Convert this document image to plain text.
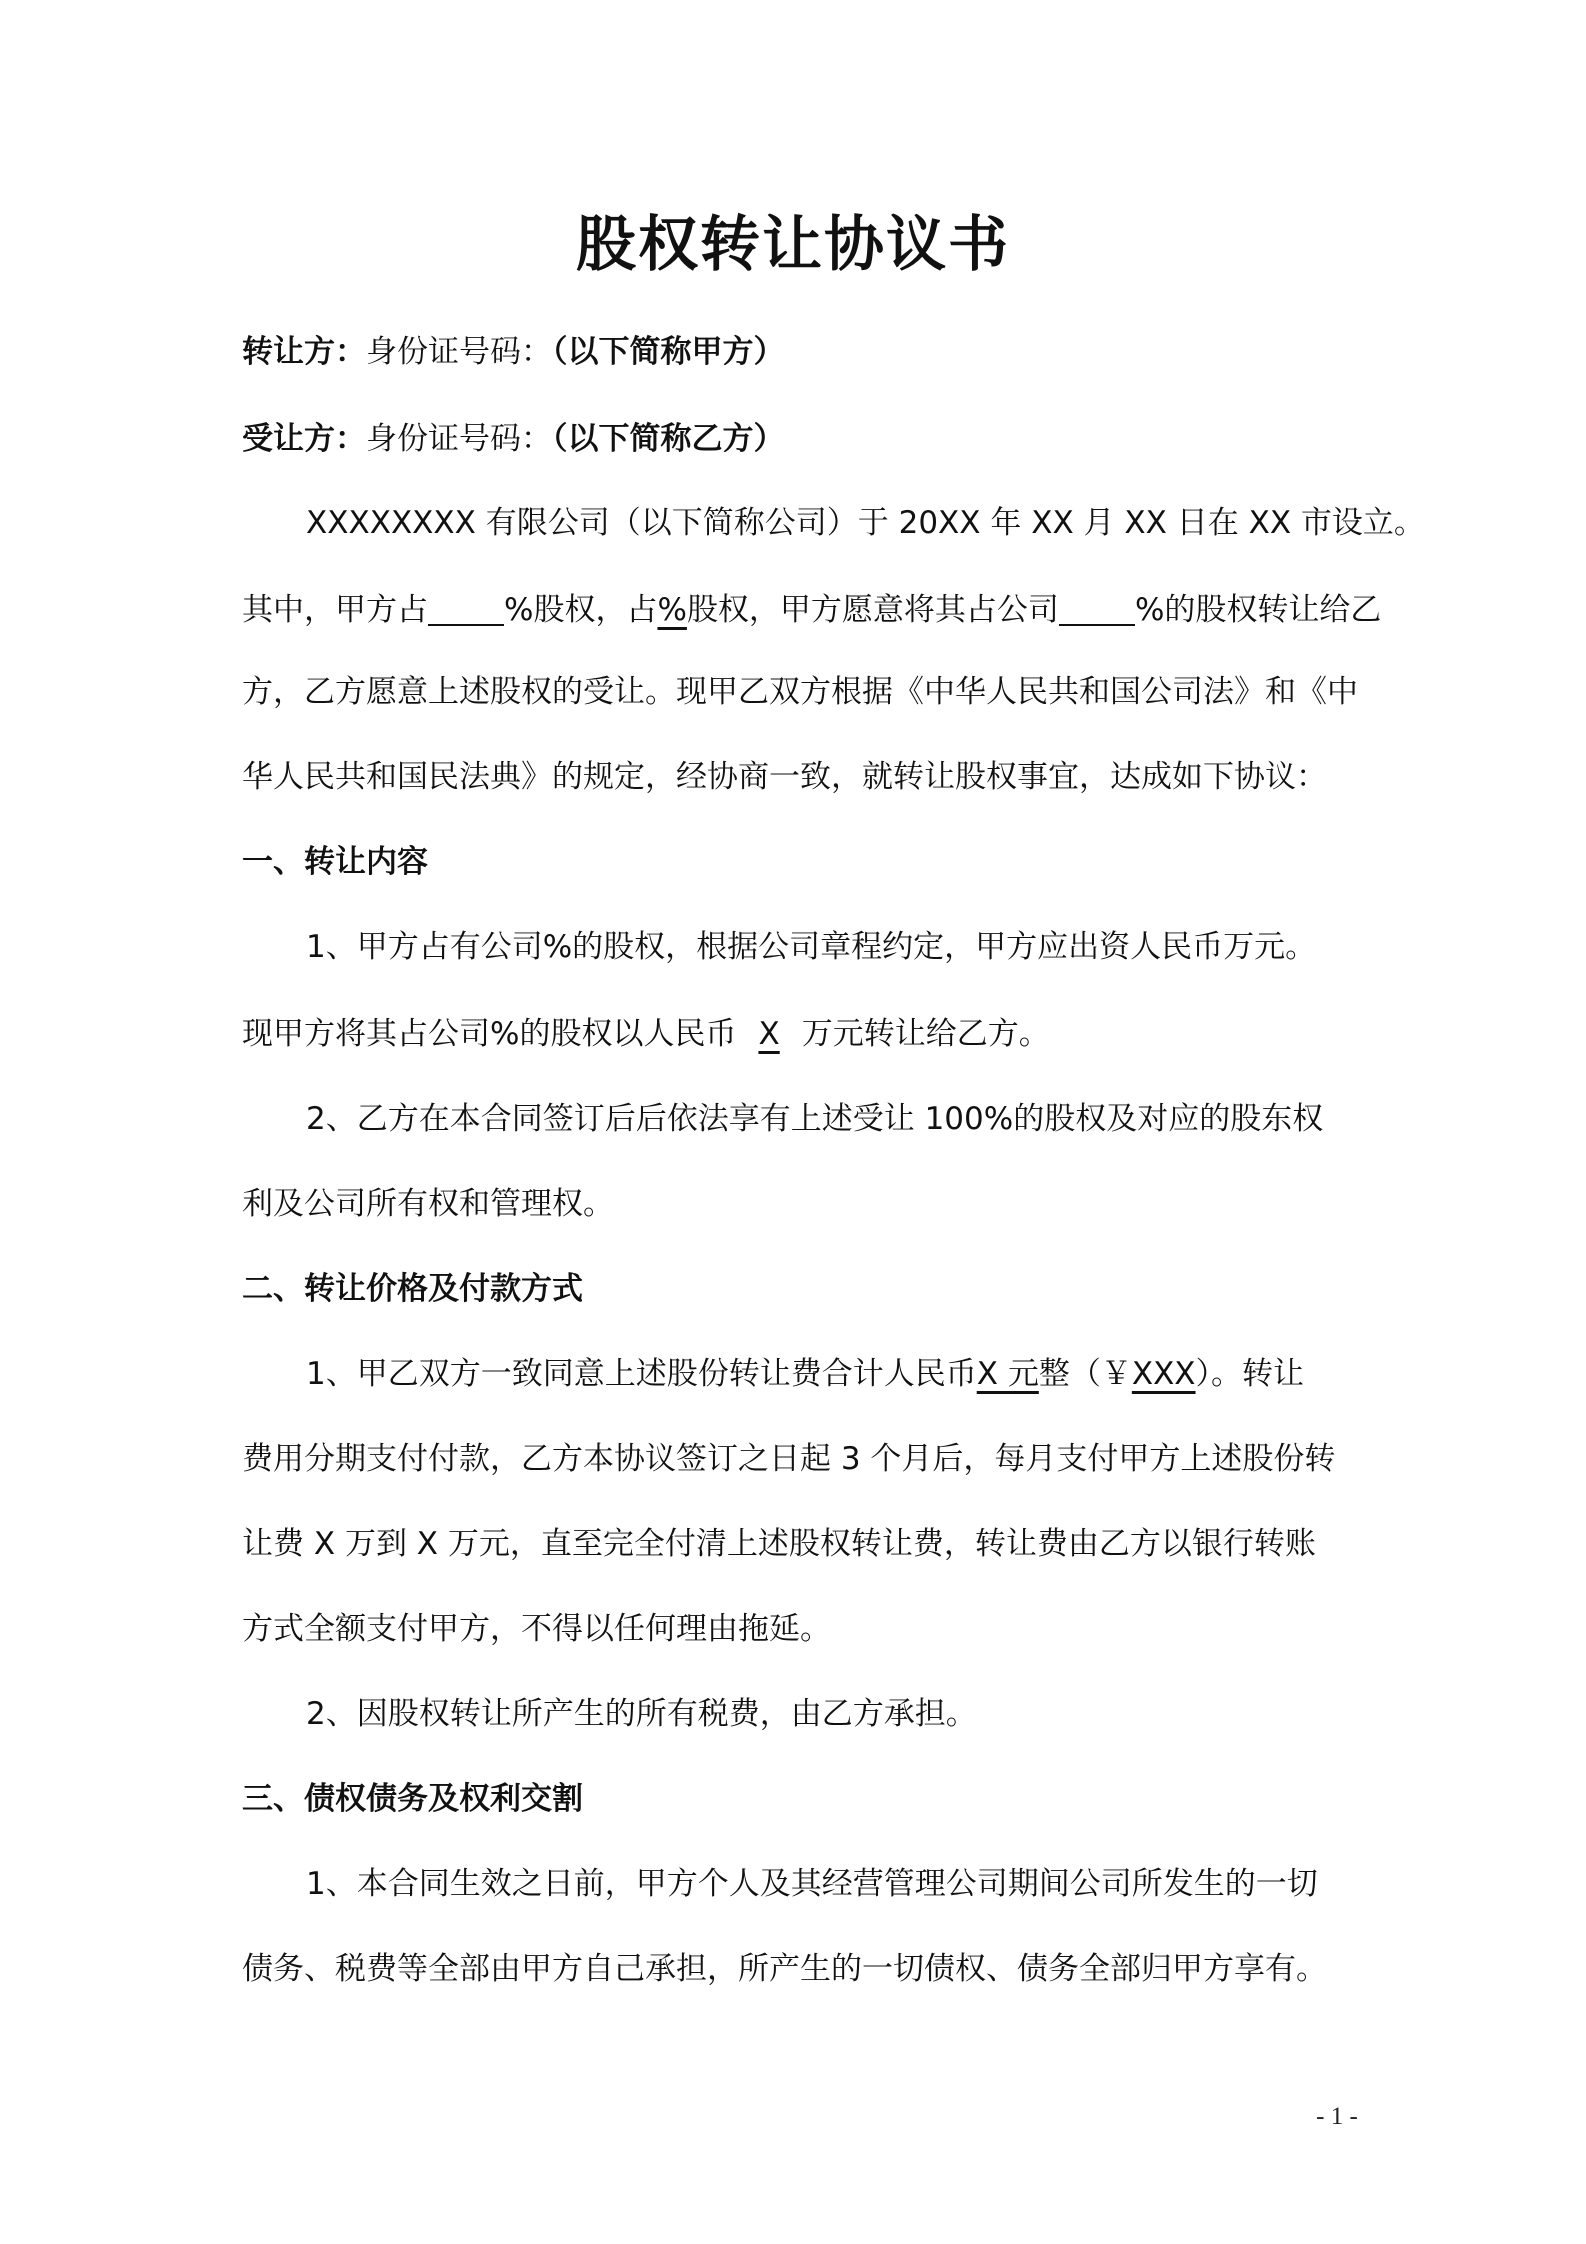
股权转让协议书
转让方：身份证号码：（以下简称甲方）
受让方：身份证号码：（以下简称乙方）
XXXXXXXX 有限公司（以下简称公司）于 20XX 年 XX 月 XX 日在 XX 市设立。
其中，甲方占 %股权，占%股权，甲方愿意将其占公司 %的股权转让给乙
方，乙方愿意上述股权的受让。现甲乙双方根据《中华人民共和国公司法》和《中
华人民共和国民法典》的规定，经协商一致，就转让股权事宜，达成如下协议：
一、转让内容
1、甲方占有公司%的股权，根据公司章程约定，甲方应出资人民币万元。
现甲方将其占公司%的股权以人民币 X 万元转让给乙方。
2、乙方在本合同签订后后依法享有上述受让 100%的股权及对应的股东权
利及公司所有权和管理权。
二、转让价格及付款方式
1、甲乙双方一致同意上述股份转让费合计人民币X 元整（￥XXX）。转让
费用分期支付付款，乙方本协议签订之日起 3 个月后，每月支付甲方上述股份转
让费 X 万到 X 万元，直至完全付清上述股权转让费，转让费由乙方以银行转账
方式全额支付甲方，不得以任何理由拖延。
2、因股权转让所产生的所有税费，由乙方承担。
三、债权债务及权利交割
1、本合同生效之日前，甲方个人及其经营管理公司期间公司所发生的一切
债务、税费等全部由甲方自己承担，所产生的一切债权、债务全部归甲方享有。
- 1 -
